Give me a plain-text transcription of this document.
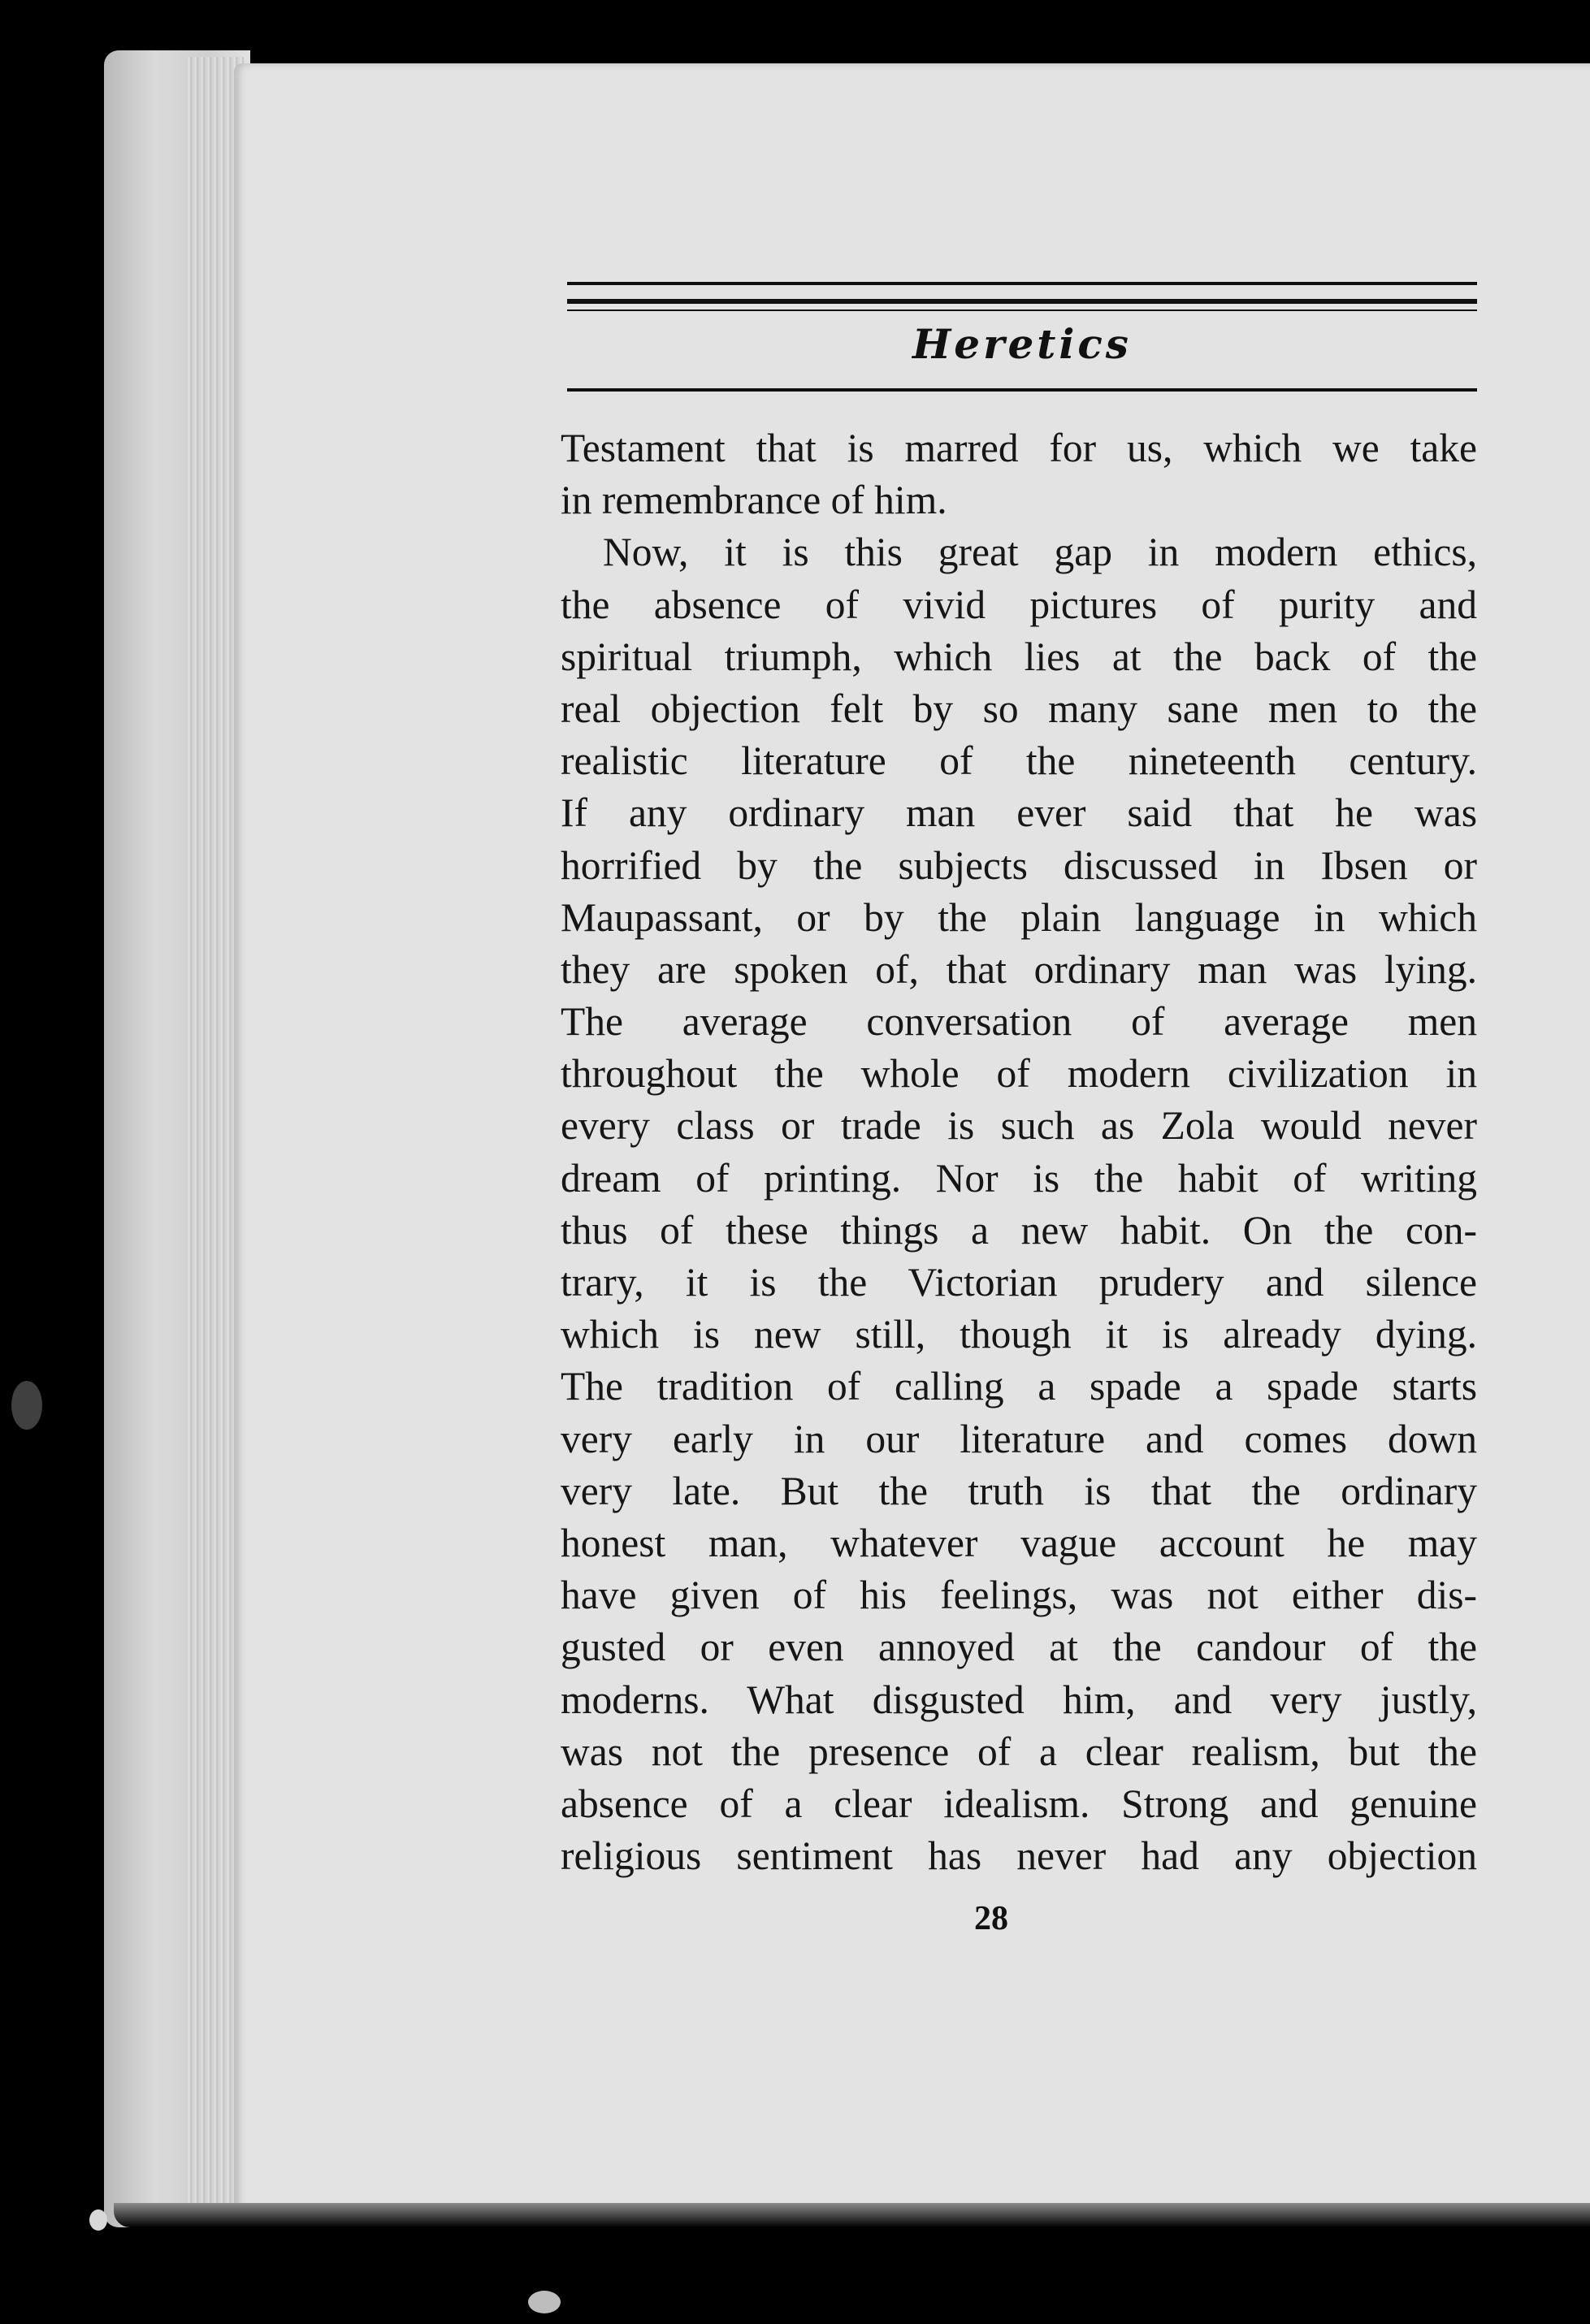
Heretics
Testament that is marred for us, which we take
in remembrance of him.
Now, it is this great gap in modern ethics,
the absence of vivid pictures of purity and
spiritual triumph, which lies at the back of the
real objection felt by so many sane men to the
realistic literature of the nineteenth century.
If any ordinary man ever said that he was
horrified by the subjects discussed in Ibsen or
Maupassant, or by the plain language in which
they are spoken of, that ordinary man was lying.
The average conversation of average men
throughout the whole of modern civilization in
every class or trade is such as Zola would never
dream of printing. Nor is the habit of writing
thus of these things a new habit. On the con-
trary, it is the Victorian prudery and silence
which is new still, though it is already dying.
The tradition of calling a spade a spade starts
very early in our literature and comes down
very late. But the truth is that the ordinary
honest man, whatever vague account he may
have given of his feelings, was not either dis-
gusted or even annoyed at the candour of the
moderns. What disgusted him, and very justly,
was not the presence of a clear realism, but the
absence of a clear idealism. Strong and genuine
religious sentiment has never had any objection
28
